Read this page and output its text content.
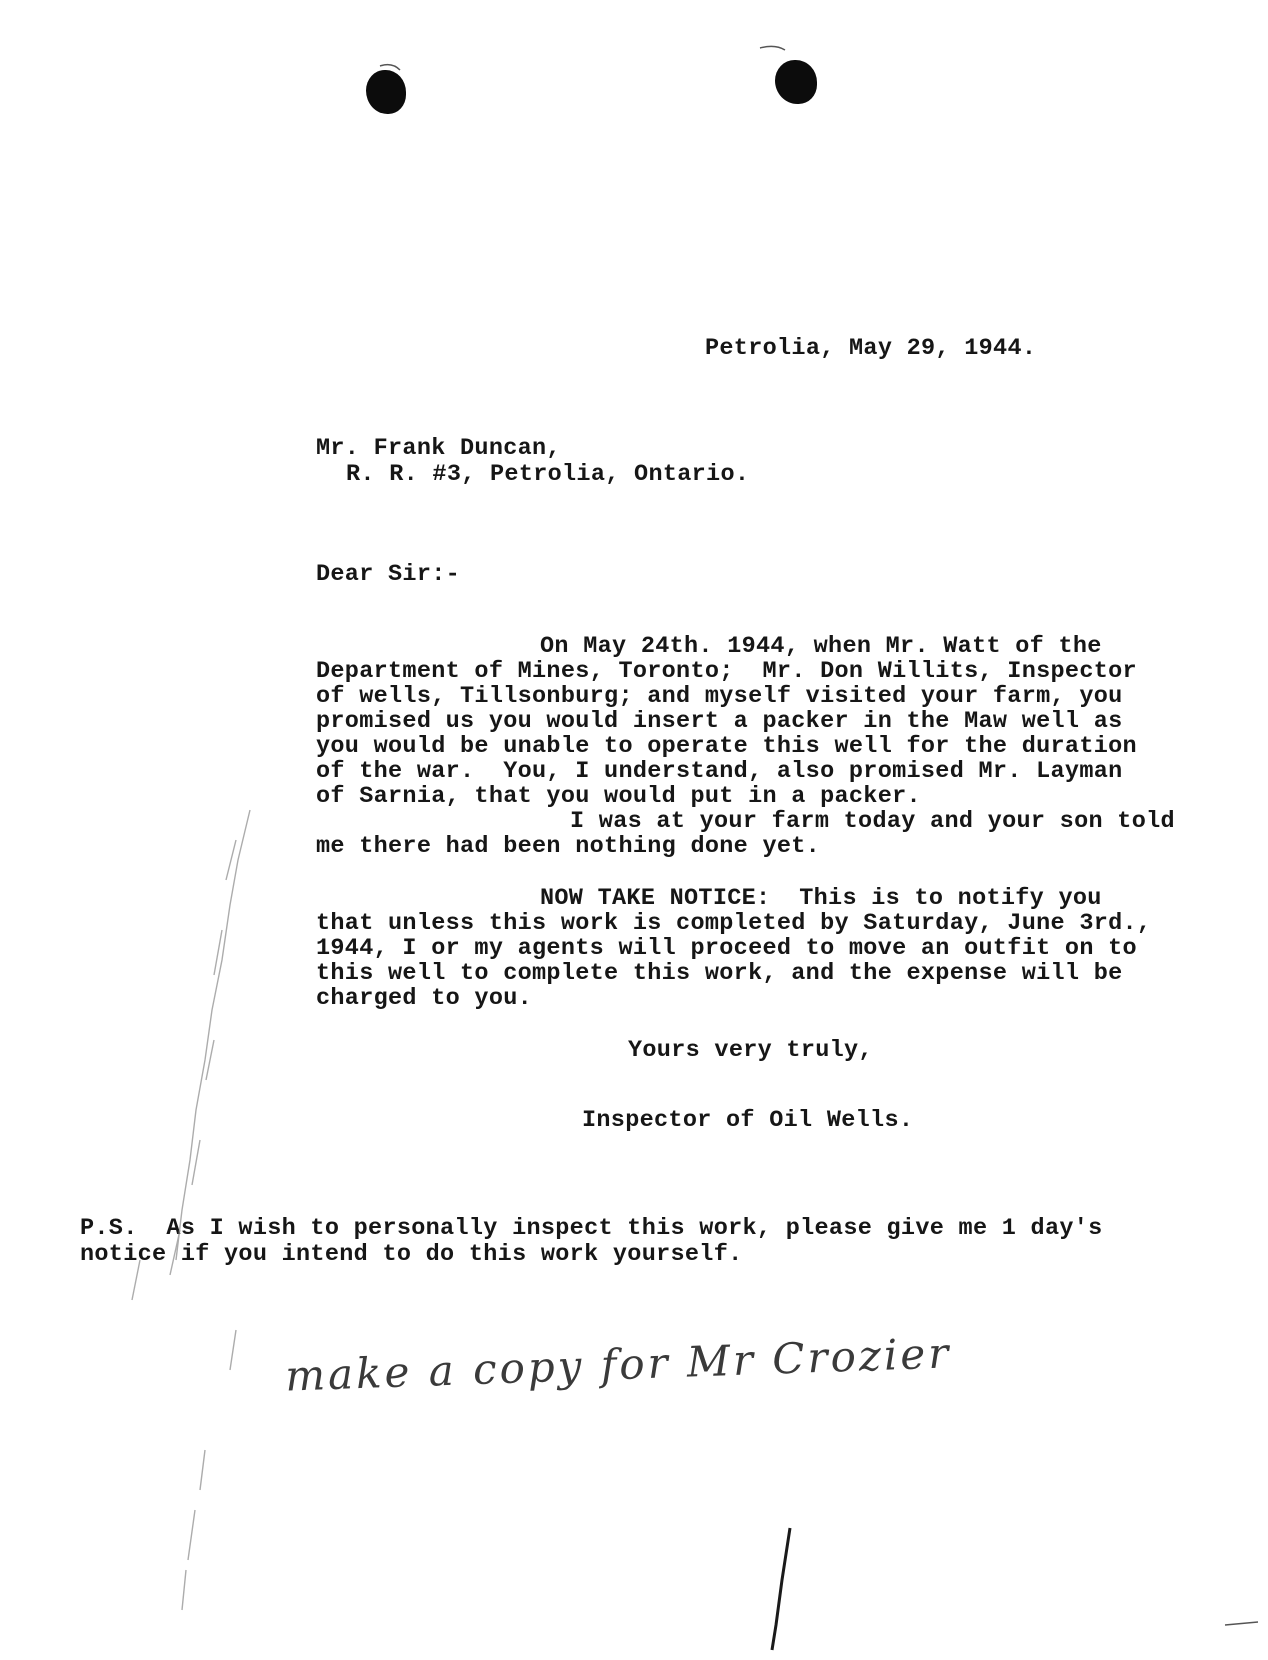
Petrolia, May 29, 1944.
Mr. Frank Duncan,
R. R. #3, Petrolia, Ontario.
Dear Sir:-
On May 24th. 1944, when Mr. Watt of the
Department of Mines, Toronto;  Mr. Don Willits, Inspector
of wells, Tillsonburg; and myself visited your farm, you
promised us you would insert a packer in the Maw well as
you would be unable to operate this well for the duration
of the war.  You, I understand, also promised Mr. Layman
of Sarnia, that you would put in a packer.
I was at your farm today and your son told
me there had been nothing done yet.
NOW TAKE NOTICE:  This is to notify you
that unless this work is completed by Saturday, June 3rd.,
1944, I or my agents will proceed to move an outfit on to
this well to complete this work, and the expense will be
charged to you.
Yours very truly,
Inspector of Oil Wells.
P.S.  As I wish to personally inspect this work, please give me 1 day's
notice if you intend to do this work yourself.
make a copy for Mr Crozier
